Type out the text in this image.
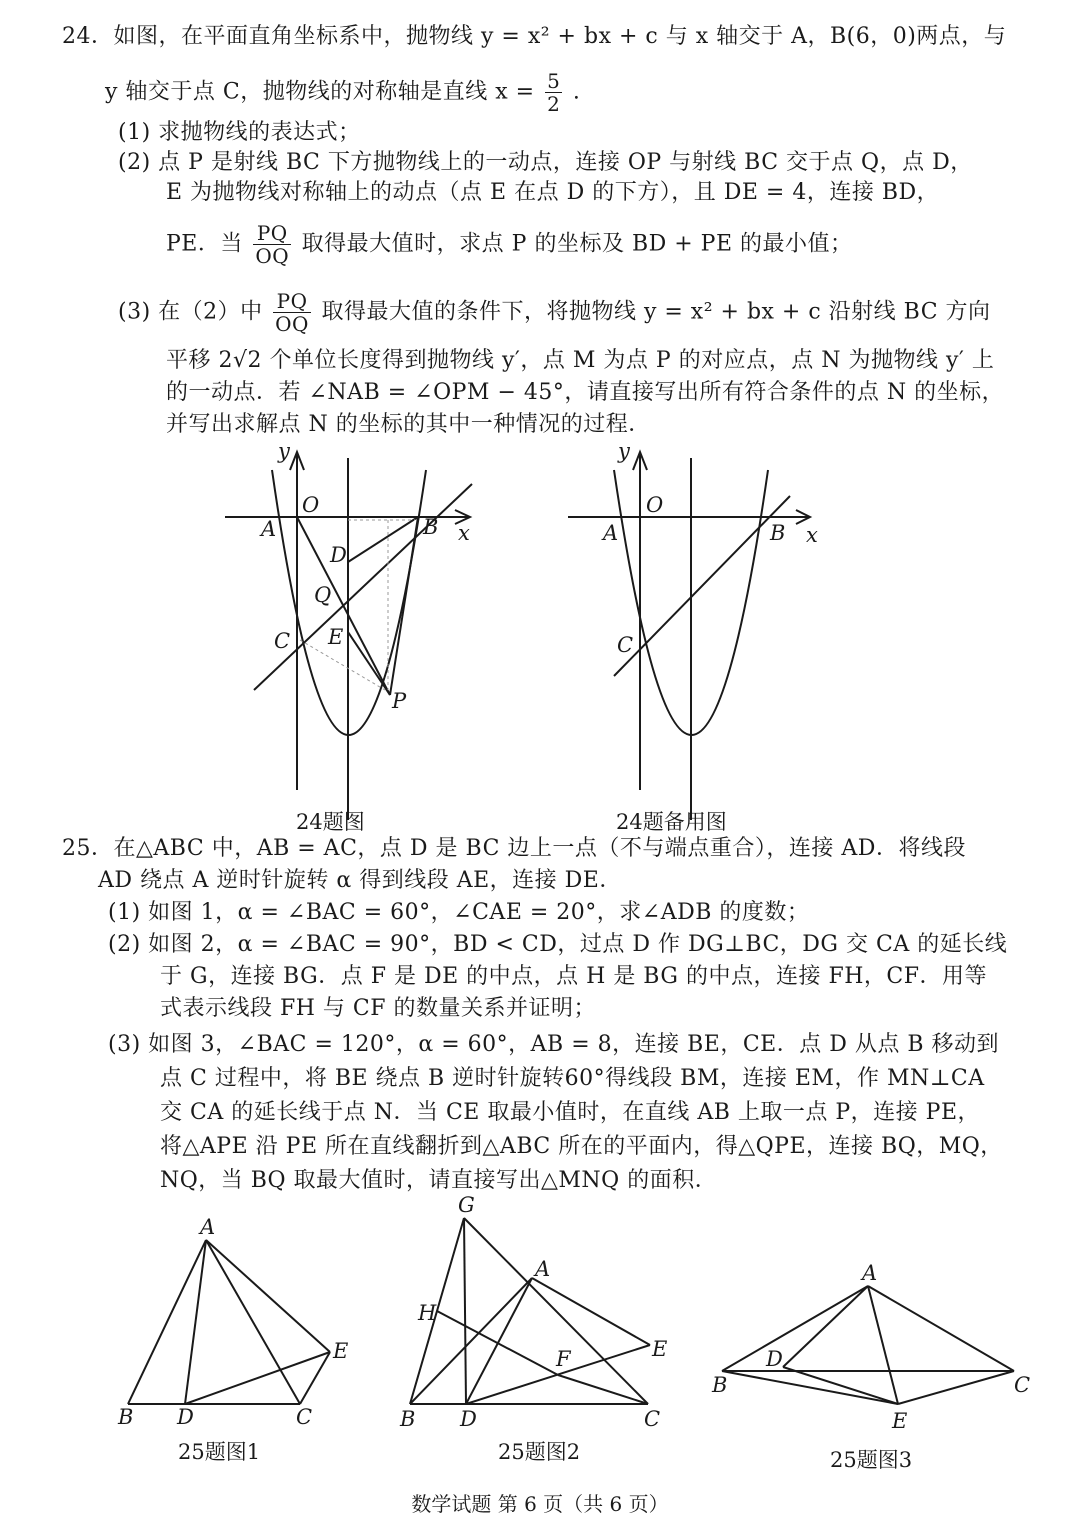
24．如图，在平面直角坐标系中，抛物线 y = x² + bx + c 与 x 轴交于 A，B(6，0)两点，与
y 轴交于点 C，抛物线的对称轴是直线 $x = \frac{5}{2}$ .
(1) 求抛物线的表达式；
(2) 点 P 是射线 BC 下方抛物线上的一动点，连接 OP 与射线 BC 交于点 Q，点 D，
E 为抛物线对称轴上的动点（点 E 在点 D 的下方），且 DE = 4，连接 BD，
PE．当 $\frac{PQ}{OQ}$ 取得最大值时，求点 P 的坐标及 BD + PE 的最小值；
(3) 在（2）中 $\frac{PQ}{OQ}$ 取得最大值的条件下，将抛物线 y = x² + bx + c 沿射线 BC 方向
平移 2√2 个单位长度得到抛物线 y′，点 M 为点 P 的对应点，点 N 为抛物线 y′ 上
的一动点．若 ∠NAB = ∠OPM − 45°，请直接写出所有符合条件的点 N 的坐标，
并写出求解点 N 的坐标的其中一种情况的过程．
y
O
A	B x
D
Q
C E
P
y
O
A	B x
C
24题图	24题备用图
25．在△ABC 中，AB = AC，点 D 是 BC 边上一点（不与端点重合），连接 AD．将线段
AD 绕点 A 逆时针旋转 α 得到线段 AE，连接 DE．
(1) 如图 1，α = ∠BAC = 60°，∠CAE = 20°，求∠ADB 的度数；
(2) 如图 2，α = ∠BAC = 90°，BD < CD，过点 D 作 DG⊥BC，DG 交 CA 的延长线
于 G，连接 BG．点 F 是 DE 的中点，点 H 是 BG 的中点，连接 FH，CF．用等
式表示线段 FH 与 CF 的数量关系并证明；
(3) 如图 3，∠BAC = 120°，α = 60°，AB = 8，连接 BE，CE．点 D 从点 B 移动到
点 C 过程中，将 BE 绕点 B 逆时针旋转60°得线段 BM，连接 EM，作 MN⊥CA
交 CA 的延长线于点 N．当 CE 取最小值时，在直线 AB 上取一点 P，连接 PE，
将△APE 沿 PE 所在直线翻折到△ABC 所在的平面内，得△QPE，连接 BQ，MQ，
NQ，当 BQ 取最大值时，请直接写出△MNQ 的面积．
A
B D	C
E
25题图1
G
A
H
E
F
B D	C
25题图2
A
D
B	C
E
25题图3
数学试题 第 6 页（共 6 页）
